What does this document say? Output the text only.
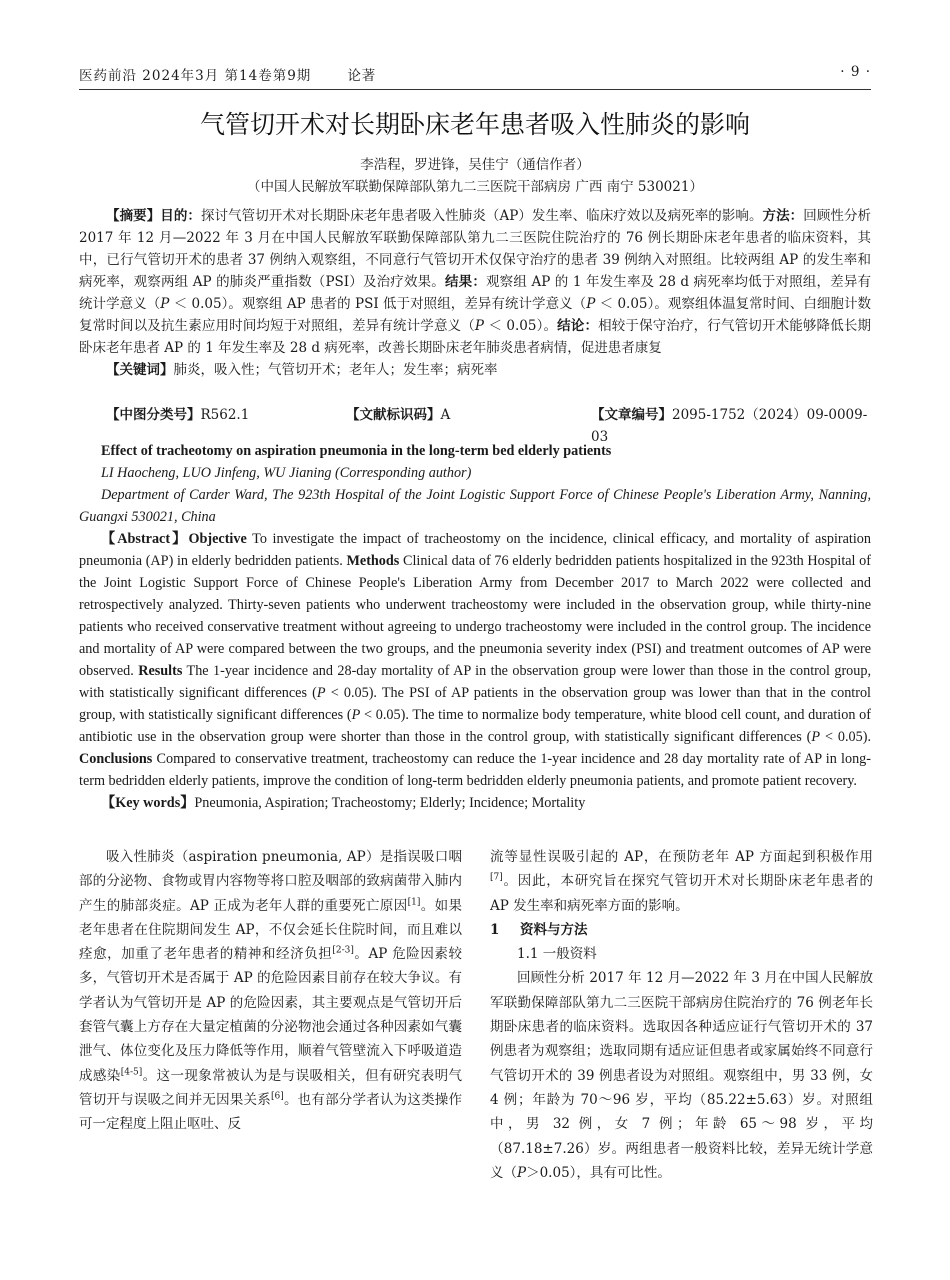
医药前沿 2024年3月 第14卷第9期	论著	· 9 ·
气管切开术对长期卧床老年患者吸入性肺炎的影响
李浩程，罗进锋，吴佳宁（通信作者）
（中国人民解放军联勤保障部队第九二三医院干部病房 广西 南宁 530021）

【摘要】目的：探讨气管切开术对长期卧床老年患者吸入性肺炎（AP）发生率、临床疗效以及病死率的影响。方法：回顾性分析 2017 年 12 月—2022 年 3 月在中国人民解放军联勤保障部队第九二三医院住院治疗的 76 例长期卧床老年患者的临床资料，其中，已行气管切开术的患者 37 例纳入观察组，不同意行气管切开术仅保守治疗的患者 39 例纳入对照组。比较两组 AP 的发生率和病死率，观察两组 AP 的肺炎严重指数（PSI）及治疗效果。结果：观察组 AP 的 1 年发生率及 28 d 病死率均低于对照组，差异有统计学意义（P ＜ 0.05）。观察组 AP 患者的 PSI 低于对照组，差异有统计学意义（P ＜ 0.05）。观察组体温复常时间、白细胞计数复常时间以及抗生素应用时间均短于对照组，差异有统计学意义（P ＜ 0.05）。结论：相较于保守治疗，行气管切开术能够降低长期卧床老年患者 AP 的 1 年发生率及 28 d 病死率，改善长期卧床老年肺炎患者病情，促进患者康复

【关键词】肺炎，吸入性；气管切开术；老年人；发生率；病死率

【中图分类号】R562.1	【文献标识码】A	【文章编号】2095-1752（2024）09-0009-03

Effect of tracheotomy on aspiration pneumonia in the long-term bed elderly patients

LI Haocheng, LUO Jinfeng, WU Jianing (Corresponding author)

Department of Carder Ward, The 923th Hospital of the Joint Logistic Support Force of Chinese People's Liberation Army, Nanning, Guangxi 530021, China

【Abstract】Objective To investigate the impact of tracheostomy on the incidence, clinical efficacy, and mortality of aspiration pneumonia (AP) in elderly bedridden patients. Methods Clinical data of 76 elderly bedridden patients hospitalized in the 923th Hospital of the Joint Logistic Support Force of Chinese People's Liberation Army from December 2017 to March 2022 were collected and retrospectively analyzed. Thirty-seven patients who underwent tracheostomy were included in the observation group, while thirty-nine patients who received conservative treatment without agreeing to undergo tracheostomy were included in the control group. The incidence and mortality of AP were compared between the two groups, and the pneumonia severity index (PSI) and treatment outcomes of AP were observed. Results The 1-year incidence and 28-day mortality of AP in the observation group were lower than those in the control group, with statistically significant differences (P < 0.05). The PSI of AP patients in the observation group was lower than that in the control group, with statistically significant differences (P < 0.05). The time to normalize body temperature, white blood cell count, and duration of antibiotic use in the observation group were shorter than those in the control group, with statistically significant differences (P < 0.05). Conclusions Compared to conservative treatment, tracheostomy can reduce the 1-year incidence and 28 day mortality rate of AP in long-term bedridden elderly patients, improve the condition of long-term bedridden elderly pneumonia patients, and promote patient recovery.

【Key words】Pneumonia, Aspiration; Tracheostomy; Elderly; Incidence; Mortality

吸入性肺炎（aspiration pneumonia, AP）是指误吸口咽部的分泌物、食物或胃内容物等将口腔及咽部的致病菌带入肺内产生的肺部炎症。AP 正成为老年人群的重要死亡原因[1]。如果老年患者在住院期间发生 AP，不仅会延长住院时间，而且难以痊愈，加重了老年患者的精神和经济负担[2-3]。AP 危险因素较多，气管切开术是否属于 AP 的危险因素目前存在较大争议。有学者认为气管切开是 AP 的危险因素，其主要观点是气管切开后套管气囊上方存在大量定植菌的分泌物池会通过各种因素如气囊泄气、体位变化及压力降低等作用，顺着气管壁流入下呼吸道造成感染[4-5]。这一现象常被认为是与误吸相关，但有研究表明气管切开与误吸之间并无因果关系[6]。也有部分学者认为这类操作可一定程度上阻止呕吐、反

流等显性误吸引起的 AP，在预防老年 AP 方面起到积极作用[7]。因此，本研究旨在探究气管切开术对长期卧床老年患者的 AP 发生率和病死率方面的影响。

1 资料与方法

1.1 一般资料

回顾性分析 2017 年 12 月—2022 年 3 月在中国人民解放军联勤保障部队第九二三医院干部病房住院治疗的 76 例老年长期卧床患者的临床资料。选取因各种适应证行气管切开术的 37 例患者为观察组；选取同期有适应证但患者或家属始终不同意行气管切开术的 39 例患者设为对照组。观察组中，男 33 例，女 4 例；年龄为 70～96 岁，平均（85.22±5.63）岁。对照组中，男 32 例，女 7 例；年龄 65～98 岁，平均（87.18±7.26）岁。两组患者一般资料比较，差异无统计学意义（P＞0.05），具有可比性。
